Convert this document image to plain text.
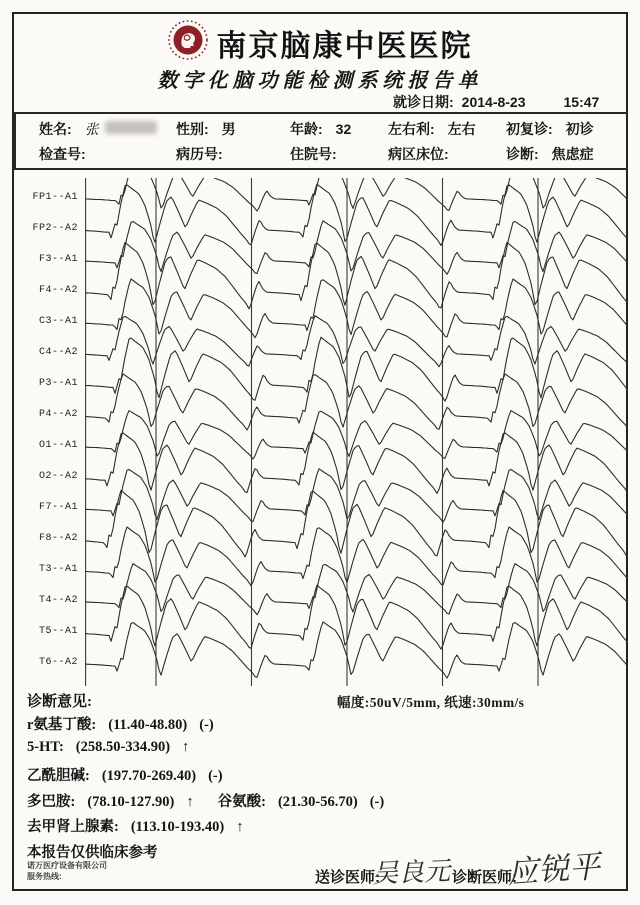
南京脑康中医医院
数字化脑功能检测系统报告单
就诊日期: 2014-8-23	15:47
姓名: 张	性别: 男	年龄: 32	左右利: 左右 初复诊: 初诊
检查号:	病历号:	住院号:	病区床位:	诊断: 焦虑症
FP1--A1
FP2--A2
F3--A1
F4--A2
C3--A1
C4--A2
P3--A1
P4--A2
O1--A1
O2--A2
F7--A1
F8--A2
T3--A1
T4--A2
T5--A1
T6--A2
诊断意见:	幅度:50uV/5mm, 纸速:30mm/s
r氨基丁酸: (11.40-48.80) (-)
5-HT: (258.50-334.90) ↑
乙酰胆碱: (197.70-269.40) (-)
多巴胺: (78.10-127.90) ↑ 谷氨酸: (21.30-56.70) (-)
去甲肾上腺素: (113.10-193.40) ↑
本报告仅供临床参考
诺万医疗设备有限公司
服务热线:	送诊医师:
吴良元 诊断医师:
应锐平
